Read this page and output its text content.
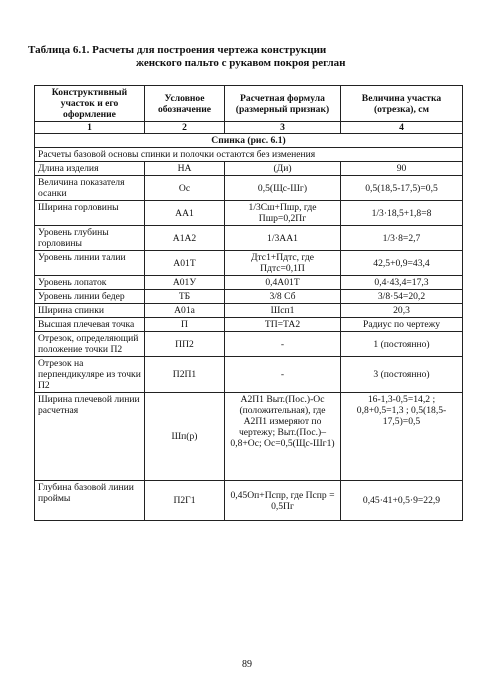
Таблица 6.1. Расчеты для построения чертежа конструкции
женского пальто с рукавом покроя реглан
Конструктивный участок и его оформление	Условное обозначение	Расчетная формула (размерный признак)	Величина участка (отрезка), см
1	2	3	4
Спинка (рис. 6.1)			
Расчеты базовой основы спинки и полочки остаются без изменения			
Длина изделия	НА	(Ди)	90
Величина показателя осанки	Ос	0,5(Щс-Шг)	0,5(18,5-17,5)=0,5
Ширина горловины	АА1	1/3Сш+Пшр, где Пшр=0,2Пг	1/3·18,5+1,8=8
Уровень глубины горловины	А1А2	1/3АА1	1/3·8=2,7
Уровень линии талии	А01Т	Дтс1+Пдтс, где Пдтс=0,1П	42,5+0,9=43,4
Уровень лопаток	А01У	0,4А01Т	0,4·43,4=17,3
Уровень линии бедер	ТБ	3/8 Сб	3/8·54=20,2
Ширина спинки	А01а	Шсп1	20,3
Высшая плечевая точка	П	ТП=ТА2	Радиус по чертежу
Отрезок, определяющий положение точки П2	ПП2	-	1 (постоянно)
Отрезок на перпендикуляре из точки П2	П2П1	-	3 (постоянно)
Ширина плечевой линии расчетная	Шп(р)	А2П1 Выт.(Пос.)-Ос (положительная), где А2П1 измеряют по чертежу; Выт.(Пос.)–0,8+Ос; Ос=0,5(Щс-Шг1)	16-1,3-0,5=14,2 ; 0,8+0,5=1,3 ; 0,5(18,5-17,5)=0,5
Глубина базовой линии проймы	П2Г1	0,45Оп+Пспр, где Пспр = 0,5Пг	0,45·41+0,5·9=22,9
89
